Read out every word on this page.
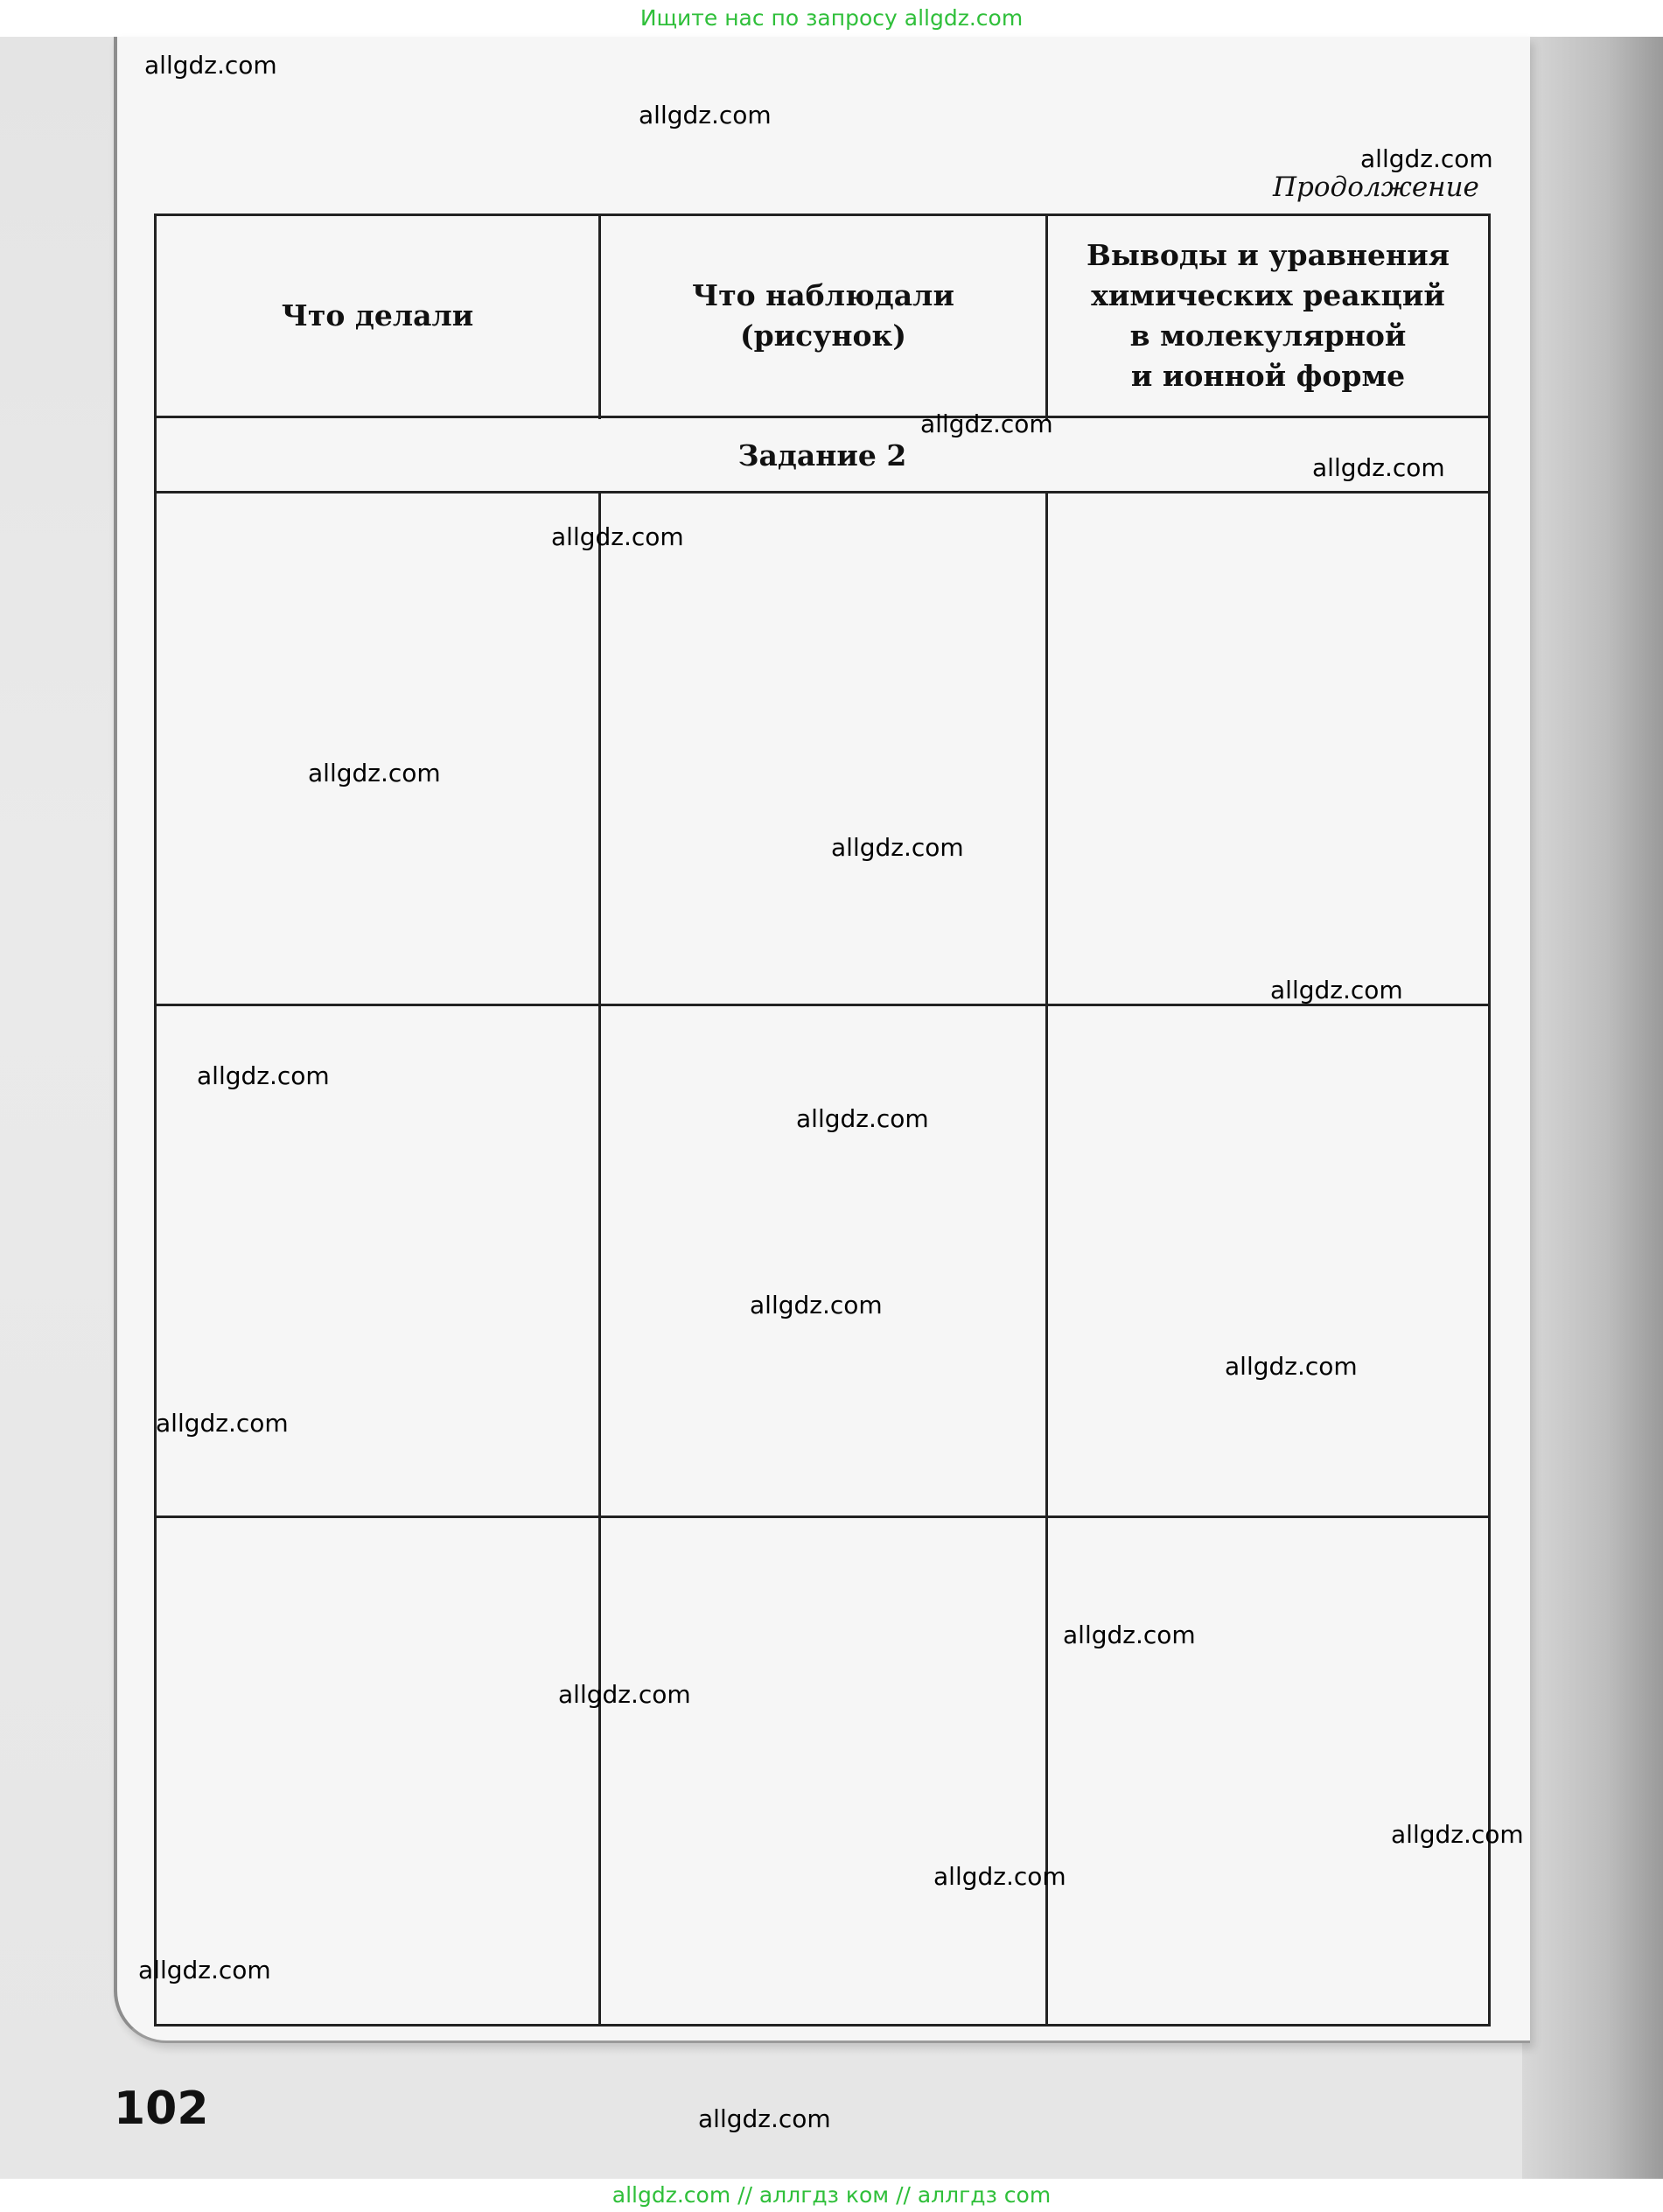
Ищите нас по запросу allgdz.com
Продолжение
Что делали
Что наблюдали
(рисунок)
Выводы и уравнения
химических реакций
в молекулярной
и ионной форме
Задание 2
102
allgdz.com
allgdz.com
allgdz.com
allgdz.com
allgdz.com
allgdz.com
allgdz.com
allgdz.com
allgdz.com
allgdz.com
allgdz.com
allgdz.com
allgdz.com
allgdz.com
allgdz.com
allgdz.com
allgdz.com
allgdz.com
allgdz.com
allgdz.com
allgdz.com // аллгдз ком // аллгдз com
